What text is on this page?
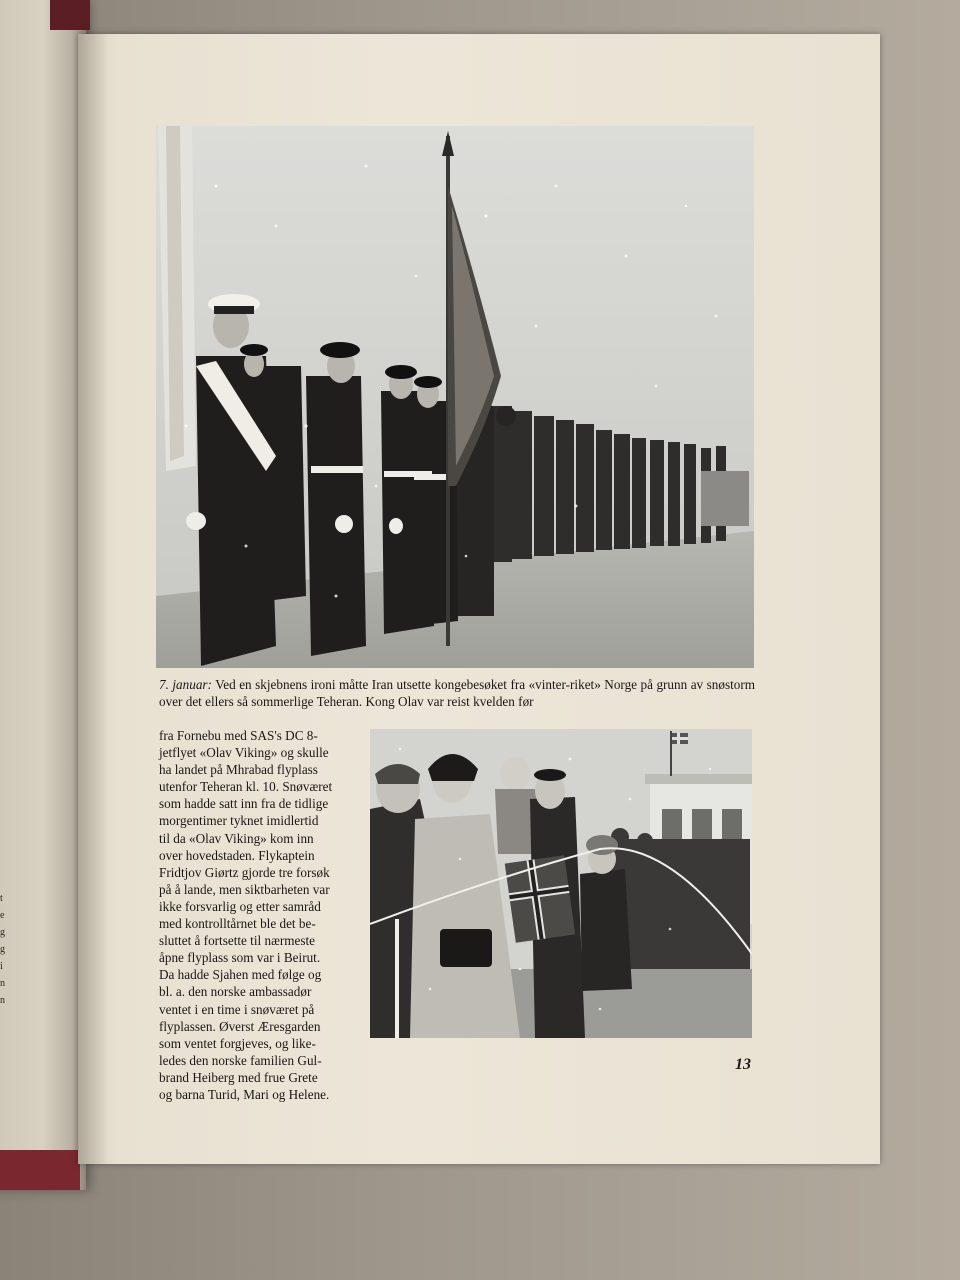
t
e
g
g
i
n
n

7. januar: Ved en skjebnens ironi måtte Iran utsette kongebesøket fra «vinter-riket» Norge på grunn av snøstorm over det ellers så sommerlige Teheran. Kong Olav var reist kvelden før

fra Fornebu med SAS's DC 8-
jetflyet «Olav Viking» og skulle
ha landet på Mhrabad flyplass
utenfor Teheran kl. 10. Snøværet
som hadde satt inn fra de tidlige
morgentimer tyknet imidlertid
til da «Olav Viking» kom inn
over hovedstaden. Flykaptein
Fridtjov Giørtz gjorde tre forsøk
på å lande, men siktbarheten var
ikke forsvarlig og etter samråd
med kontrolltårnet ble det be-
sluttet å fortsette til nærmeste
åpne flyplass som var i Beirut.
Da hadde Sjahen med følge og
bl. a. den norske ambassadør
ventet i en time i snøværet på
flyplassen. Øverst Æresgarden
som ventet forgjeves, og like-
ledes den norske familien Gul-
brand Heiberg med frue Grete
og barna Turid, Mari og Helene.
13
